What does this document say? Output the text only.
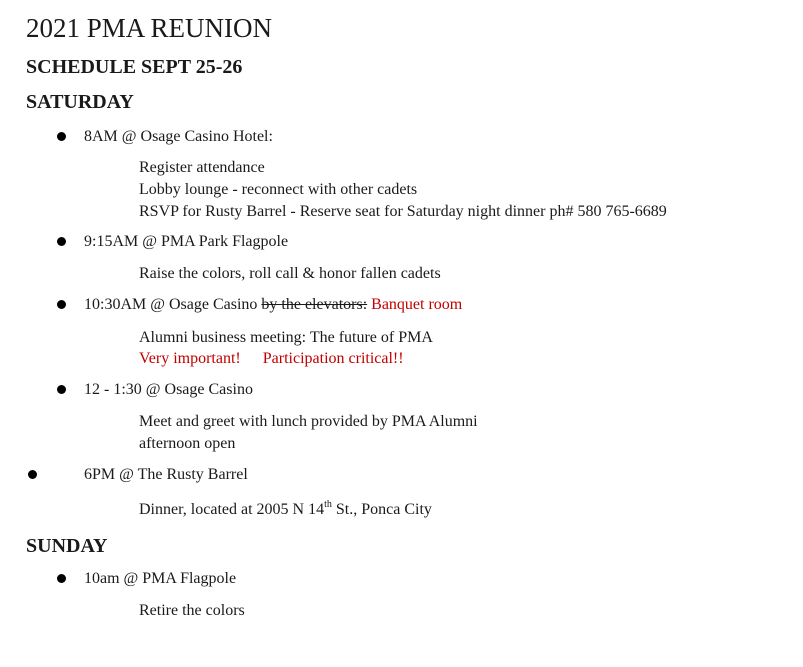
2021 PMA REUNION
SCHEDULE SEPT 25-26
SATURDAY
8AM @ Osage Casino Hotel:
Register attendance
Lobby lounge - reconnect with other cadets
RSVP for Rusty Barrel - Reserve seat for Saturday night dinner ph# 580 765-6689
9:15AM @ PMA Park Flagpole
Raise the colors, roll call & honor fallen cadets
10:30AM @ Osage Casino by the elevators: Banquet room
Alumni business meeting: The future of PMA
Very important! Participation critical!!
12 - 1:30 @ Osage Casino
Meet and greet with lunch provided by PMA Alumni
afternoon open
6PM @ The Rusty Barrel
Dinner, located at 2005 N 14th St., Ponca City
SUNDAY
10am @ PMA Flagpole
Retire the colors
